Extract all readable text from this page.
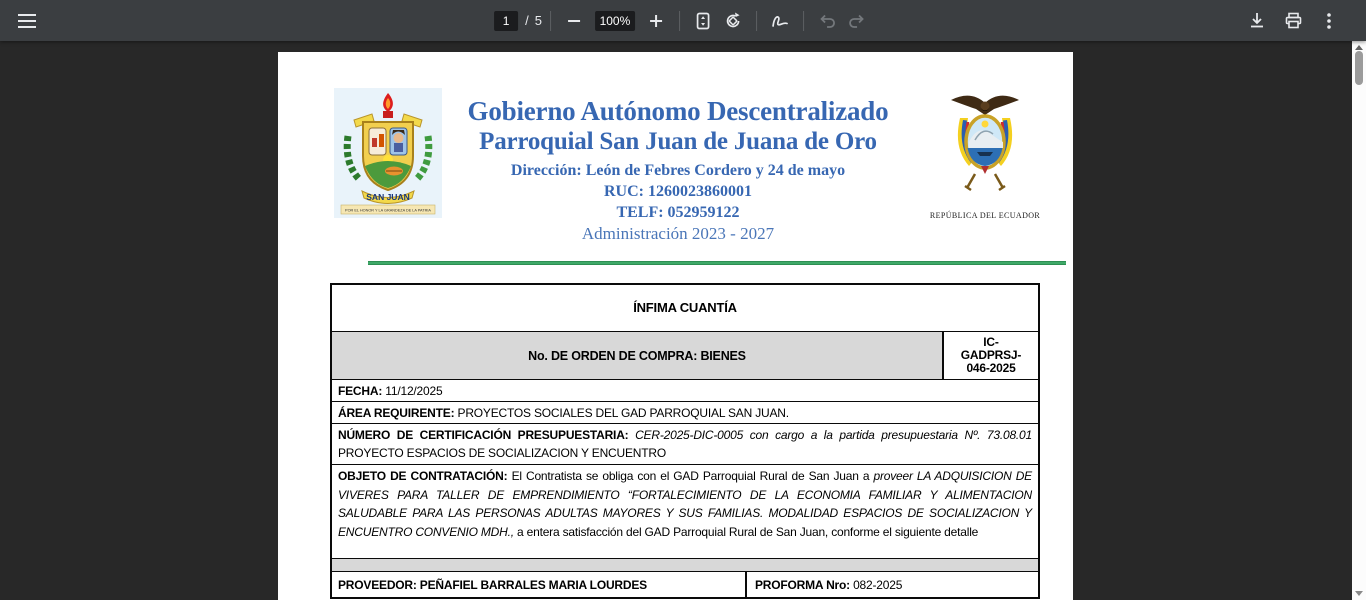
1
/ 5	100%
SAN JUAN
POR EL HONOR Y LA GRANDEZA DE LA PATRIA
Gobierno Autónomo Descentralizado
Parroquial San Juan de Juana de Oro
Dirección: León de Febres Cordero y 24 de mayo
RUC: 1260023860001
TELF: 052959122
Administración 2023 - 2027
REPÚBLICA DEL ECUADOR
ÍNFIMA CUANTÍA
No. DE ORDEN DE COMPRA: BIENES
IC-
GADPRSJ-
046-2025
FECHA: 11/12/2025
ÁREA REQUIRENTE: PROYECTOS SOCIALES DEL GAD PARROQUIAL SAN JUAN.
NÚMERO DE CERTIFICACIÓN PRESUPUESTARIA: CER-2025-DIC-0005 con cargo a la partida presupuestaria Nº. 73.08.01 PROYECTO ESPACIOS DE SOCIALIZACION Y ENCUENTRO
OBJETO DE CONTRATACIÓN: El Contratista se obliga con el GAD Parroquial Rural de San Juan a proveer LA ADQUISICION DE VIVERES PARA TALLER DE EMPRENDIMIENTO “FORTALECIMIENTO DE LA ECONOMIA FAMILIAR Y ALIMENTACION SALUDABLE PARA LAS PERSONAS ADULTAS MAYORES Y SUS FAMILIAS. MODALIDAD ESPACIOS DE SOCIALIZACION Y ENCUENTRO CONVENIO MDH., a entera satisfacción del GAD Parroquial Rural de San Juan, conforme el siguiente detalle
PROVEEDOR: PEÑAFIEL BARRALES MARIA LOURDES	PROFORMA Nro: 082-2025
